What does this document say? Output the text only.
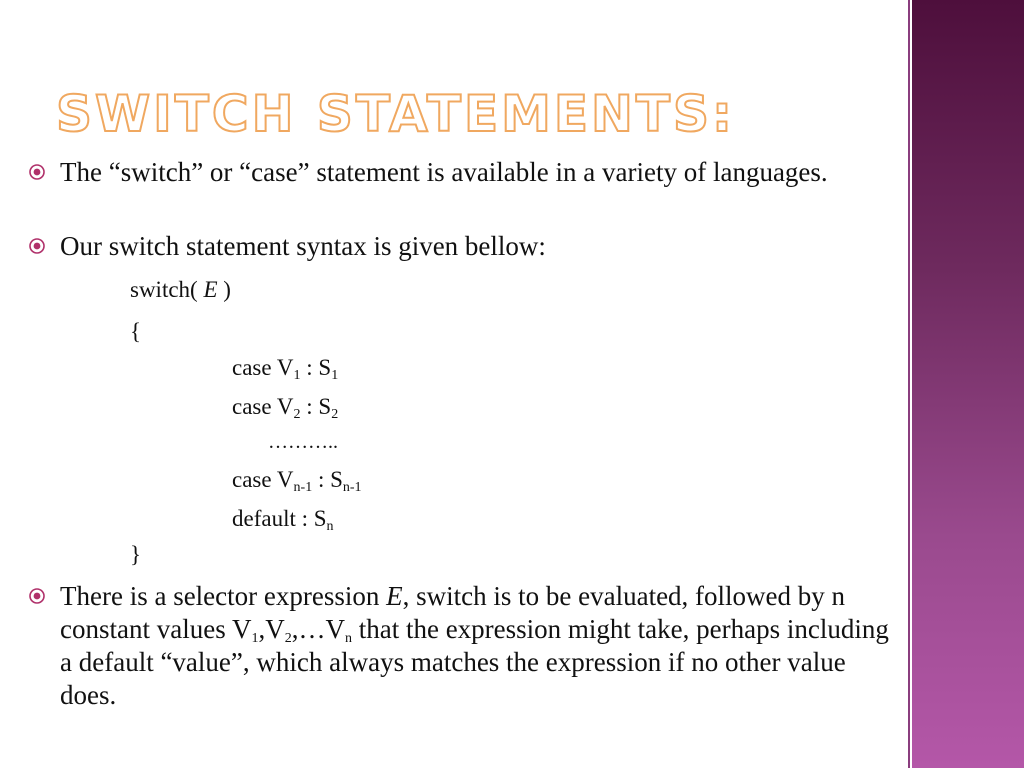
SWITCH STATEMENTS:
The “switch” or “case” statement is available in a variety of languages.
Our switch statement syntax is given bellow:
switch( E )
{
case $V_1$ : $S_1$
case $V_2$ : $S_2$
………..
case $V_{n-1}$ : $S_{n-1}$
default : $S_n$
}
There is a selector expression E, switch is to be evaluated, followed by n constant values $V_1,V_2,\dots V_n$ that the expression might take, perhaps including a default “value”, which always matches the expression if no other value does.
